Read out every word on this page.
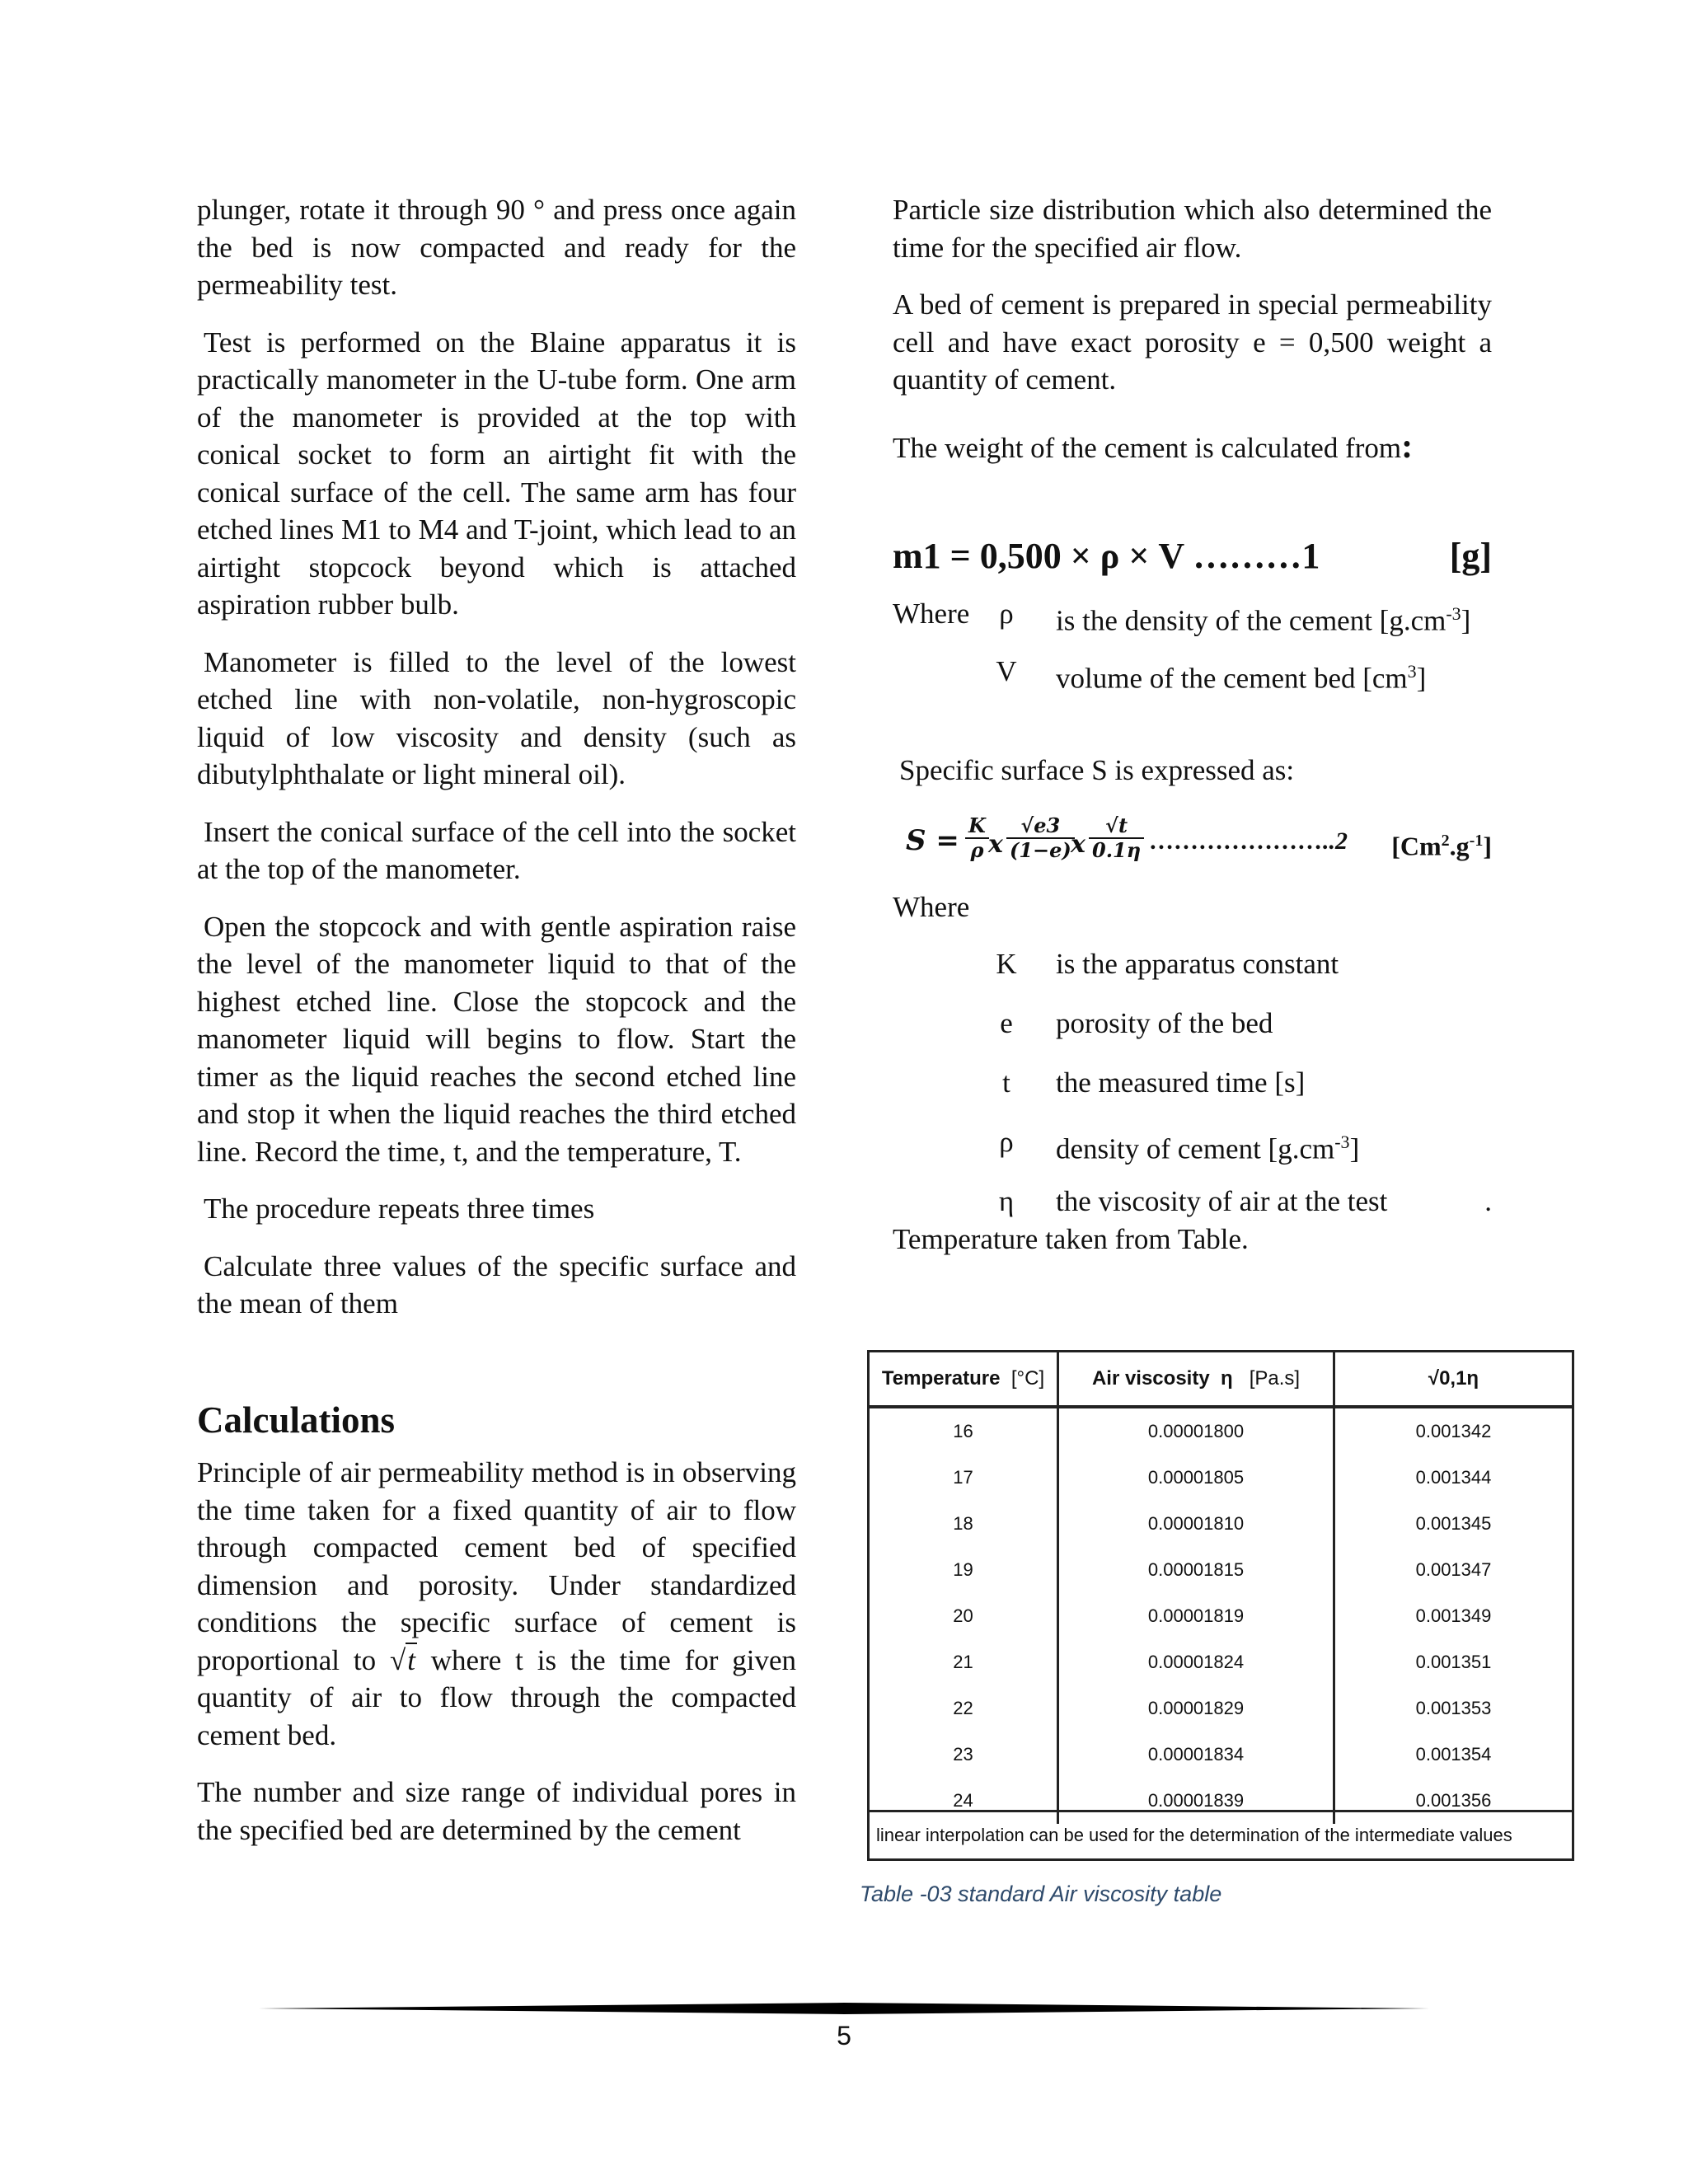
plunger, rotate it through 90 ° and press once again the bed is now compacted and ready for the permeability test.

Test is performed on the Blaine apparatus it is practically manometer in the U-tube form. One arm of the manometer is provided at the top with conical socket to form an airtight fit with the conical surface of the cell. The same arm has four etched lines M1 to M4 and T-joint, which lead to an airtight stopcock beyond which is attached aspiration rubber bulb.

Manometer is filled to the level of the lowest etched line with non-volatile, non-hygroscopic liquid of low viscosity and density (such as dibutylphthalate or light mineral oil).

Insert the conical surface of the cell into the socket at the top of the manometer.

Open the stopcock and with gentle aspiration raise the level of the manometer liquid to that of the highest etched line. Close the stopcock and the manometer liquid will begins to flow. Start the timer as the liquid reaches the second etched line and stop it when the liquid reaches the third etched line. Record the time, t, and the temperature, T.

The procedure repeats three times

Calculate three values of the specific surface and the mean of them

Calculations

Principle of air permeability method is in observing the time taken for a fixed quantity of air to flow through compacted cement bed of specified dimension and porosity. Under standardized conditions the specific surface of cement is proportional to √t where t is the time for given quantity of air to flow through the compacted cement bed.

The number and size range of individual pores in the specified bed are determined by the cement

Particle size distribution which also determined the time for the specified air flow.

A bed of cement is prepared in special permeability cell and have exact porosity e = 0,500 weight a quantity of cement.

The weight of the cement is calculated from:

m1 = 0,500 × ρ × V ………1	[g]
Where	ρ	is the density of the cement $[g.cm^{-3}]$
V volume of the cement bed $[cm^3]$

Specific surface S is expressed as:

$S = \frac{K}{\rho}$ x $\frac{√e3}{(1-e)}$
x $\frac{√t}{0.1\eta}$ …………………..2 $[Cm^2.g^{-1}]$

Where

K is the apparatus constant
e	porosity of the bed
t	the measured time [s]
ρ	density of cement $[g.cm^{-3}]$
η	the viscosity of air at the test	.

Temperature taken from Table.

Temperature [°C]	Air viscosity η [Pa.s]	√0,1η
16	0.00001800	0.001342
17	0.00001805	0.001344
18	0.00001810	0.001345
19	0.00001815	0.001347
20	0.00001819	0.001349
21	0.00001824	0.001351
22	0.00001829	0.001353
23	0.00001834	0.001354
24	0.00001839	0.001356
linear interpolation can be used for the determination of the intermediate values
Table -03 standard Air viscosity table
5
